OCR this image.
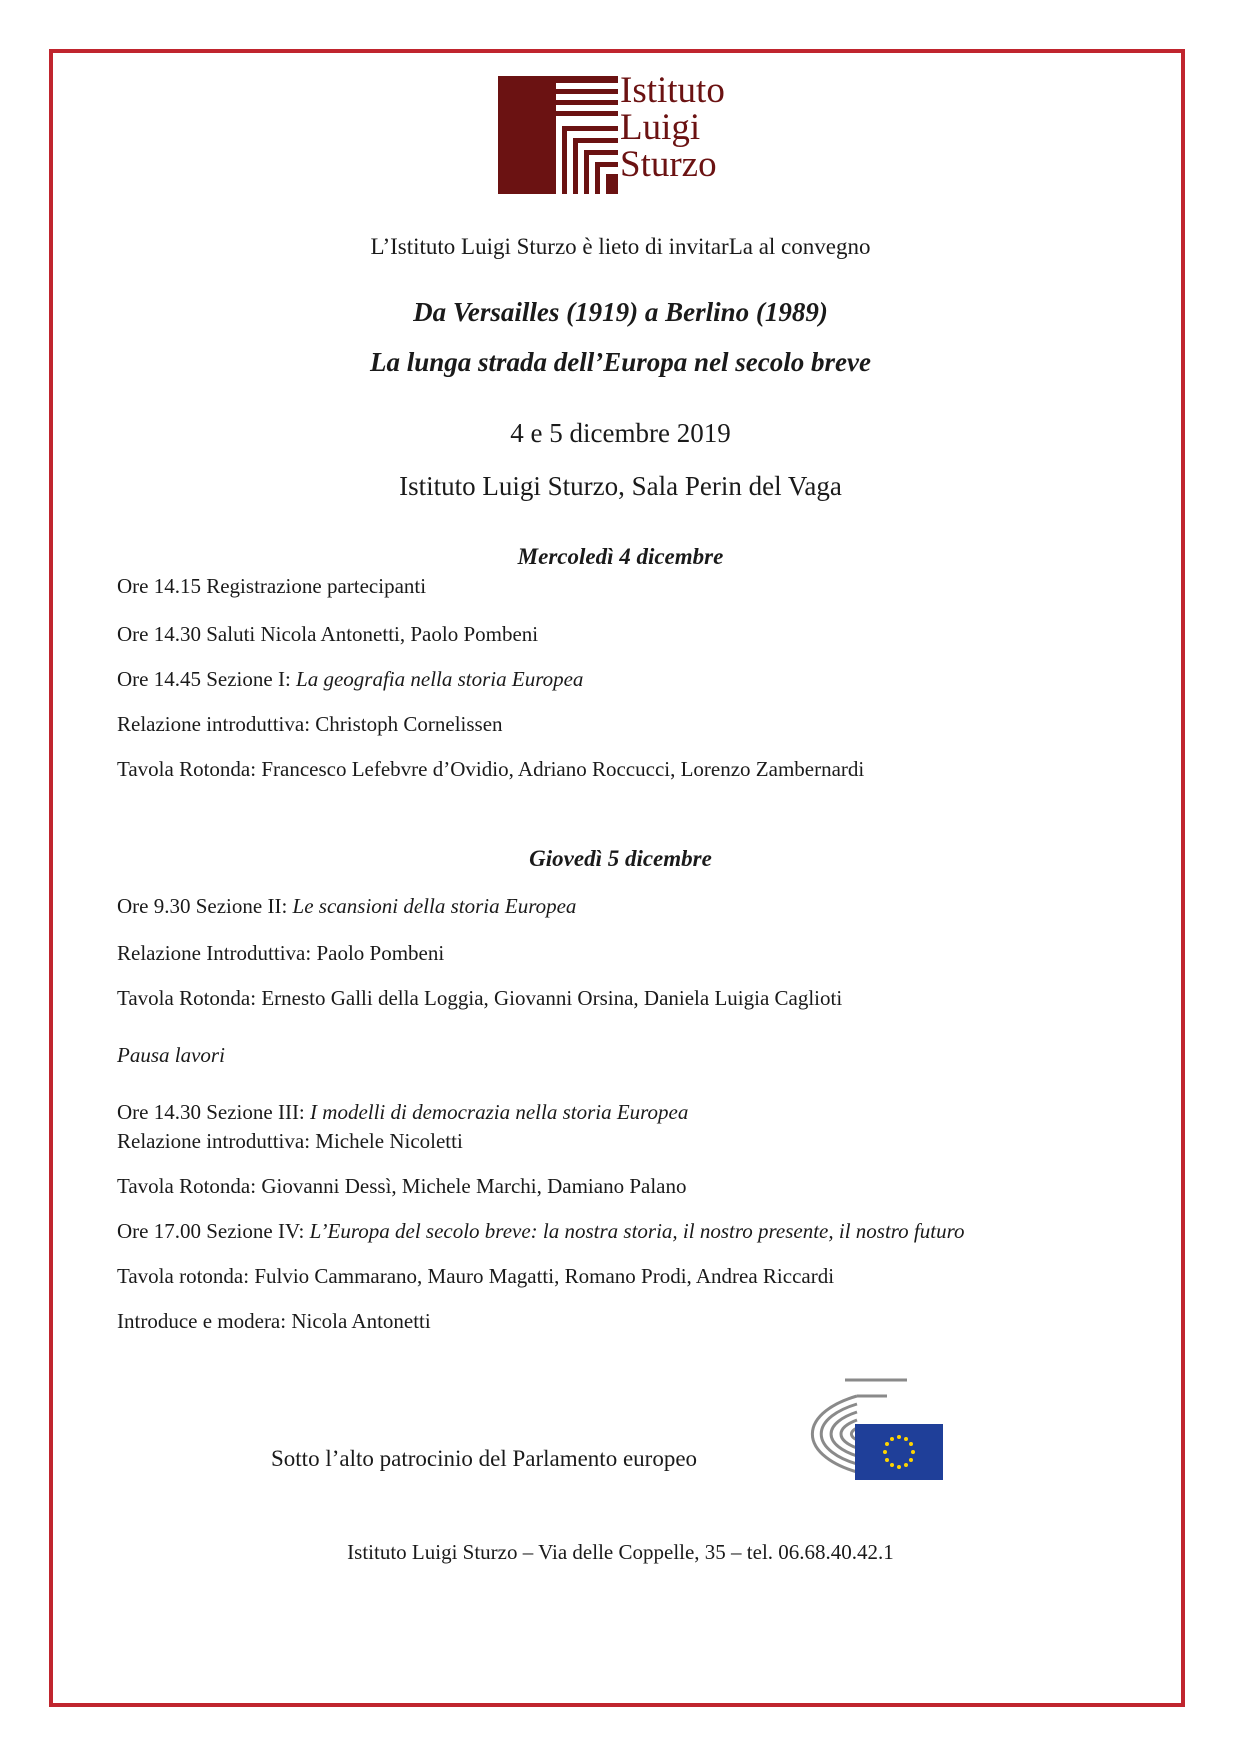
Istituto
Luigi
Sturzo
L’Istituto Luigi Sturzo è lieto di invitarLa al convegno
Da Versailles (1919) a Berlino (1989)
La lunga strada dell’Europa nel secolo breve
4 e 5 dicembre 2019
Istituto Luigi Sturzo, Sala Perin del Vaga
Mercoledì 4 dicembre
Ore 14.15 Registrazione partecipanti
Ore 14.30 Saluti Nicola Antonetti, Paolo Pombeni
Ore 14.45 Sezione I: La geografia nella storia Europea
Relazione introduttiva: Christoph Cornelissen
Tavola Rotonda: Francesco Lefebvre d’Ovidio, Adriano Roccucci, Lorenzo Zambernardi
Giovedì 5 dicembre
Ore 9.30 Sezione II: Le scansioni della storia Europea
Relazione Introduttiva: Paolo Pombeni
Tavola Rotonda: Ernesto Galli della Loggia, Giovanni Orsina, Daniela Luigia Caglioti
Pausa lavori
Ore 14.30 Sezione III: I modelli di democrazia nella storia Europea
Relazione introduttiva: Michele Nicoletti
Tavola Rotonda: Giovanni Dessì, Michele Marchi, Damiano Palano
Ore 17.00 Sezione IV: L’Europa del secolo breve: la nostra storia, il nostro presente, il nostro futuro
Tavola rotonda: Fulvio Cammarano, Mauro Magatti, Romano Prodi, Andrea Riccardi
Introduce e modera: Nicola Antonetti
Sotto l’alto patrocinio del Parlamento europeo
Istituto Luigi Sturzo – Via delle Coppelle, 35 – tel. 06.68.40.42.1
